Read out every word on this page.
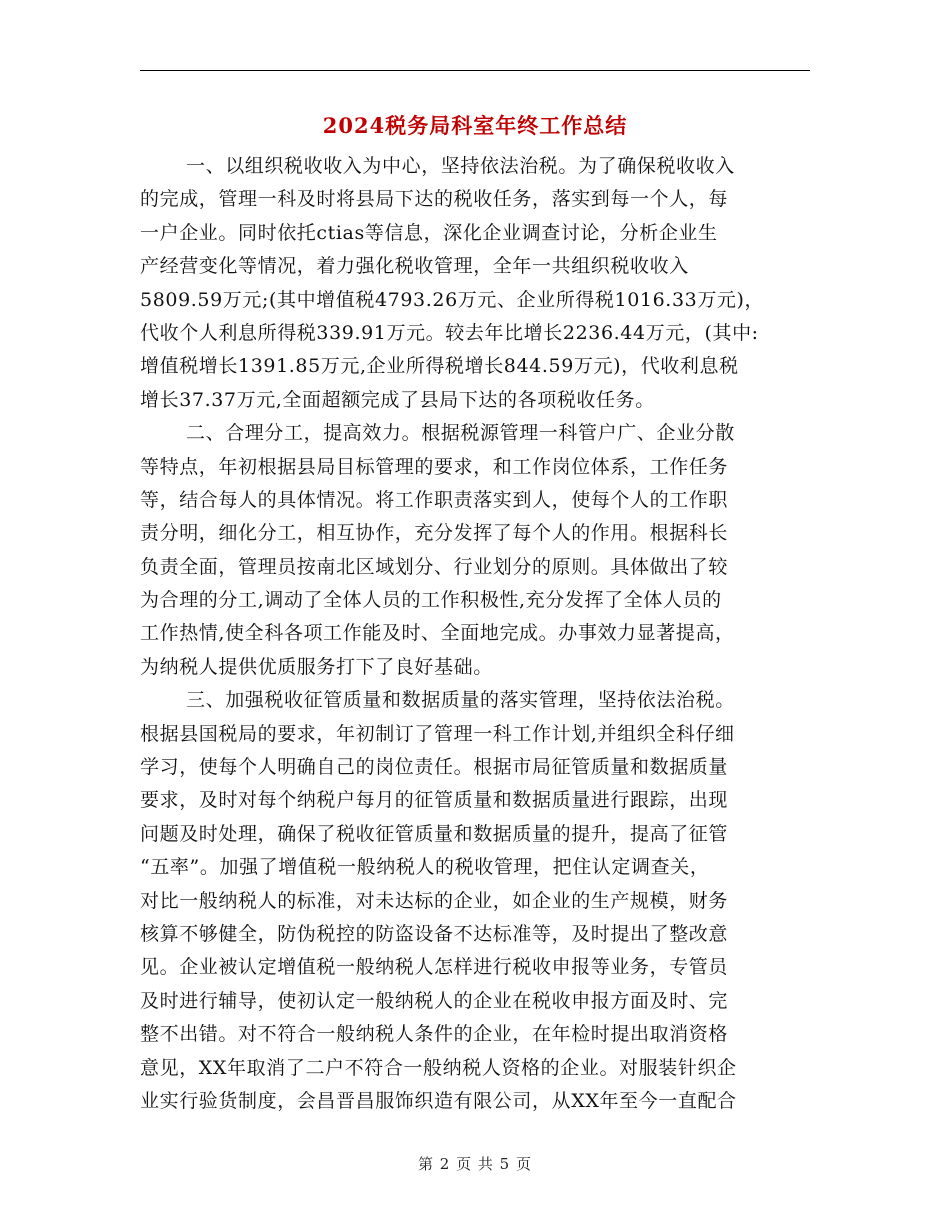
2024税务局科室年终工作总结
一、以组织税收收入为中心，坚持依法治税。为了确保税收收入
的完成，管理一科及时将县局下达的税收任务，落实到每一个人，每
一户企业。同时依托ctias等信息，深化企业调查讨论，分析企业生
产经营变化等情况，着力强化税收管理，全年一共组织税收收入
5809.59万元;(其中增值税4793.26万元、企业所得税1016.33万元)，
代收个人利息所得税339.91万元。较去年比增长2236.44万元，(其中:
增值税增长1391.85万元,企业所得税增长844.59万元)，代收利息税
增长37.37万元,全面超额完成了县局下达的各项税收任务。
二、合理分工，提高效力。根据税源管理一科管户广、企业分散
等特点，年初根据县局目标管理的要求，和工作岗位体系，工作任务
等，结合每人的具体情况。将工作职责落实到人，使每个人的工作职
责分明，细化分工，相互协作，充分发挥了每个人的作用。根据科长
负责全面，管理员按南北区域划分、行业划分的原则。具体做出了较
为合理的分工,调动了全体人员的工作积极性,充分发挥了全体人员的
工作热情,使全科各项工作能及时、全面地完成。办事效力显著提高，
为纳税人提供优质服务打下了良好基础。
三、加强税收征管质量和数据质量的落实管理，坚持依法治税。
根据县国税局的要求，年初制订了管理一科工作计划,并组织全科仔细
学习，使每个人明确自己的岗位责任。根据市局征管质量和数据质量
要求，及时对每个纳税户每月的征管质量和数据质量进行跟踪，出现
问题及时处理，确保了税收征管质量和数据质量的提升，提高了征管
“五率”。加强了增值税一般纳税人的税收管理，把住认定调查关，
对比一般纳税人的标准，对未达标的企业，如企业的生产规模，财务
核算不够健全，防伪税控的防盗设备不达标准等，及时提出了整改意
见。企业被认定增值税一般纳税人怎样进行税收申报等业务，专管员
及时进行辅导，使初认定一般纳税人的企业在税收申报方面及时、完
整不出错。对不符合一般纳税人条件的企业，在年检时提出取消资格
意见，XX年取消了二户不符合一般纳税人资格的企业。对服装针织企
业实行验货制度，会昌晋昌服饰织造有限公司，从XX年至今一直配合
第 2 页 共 5 页
